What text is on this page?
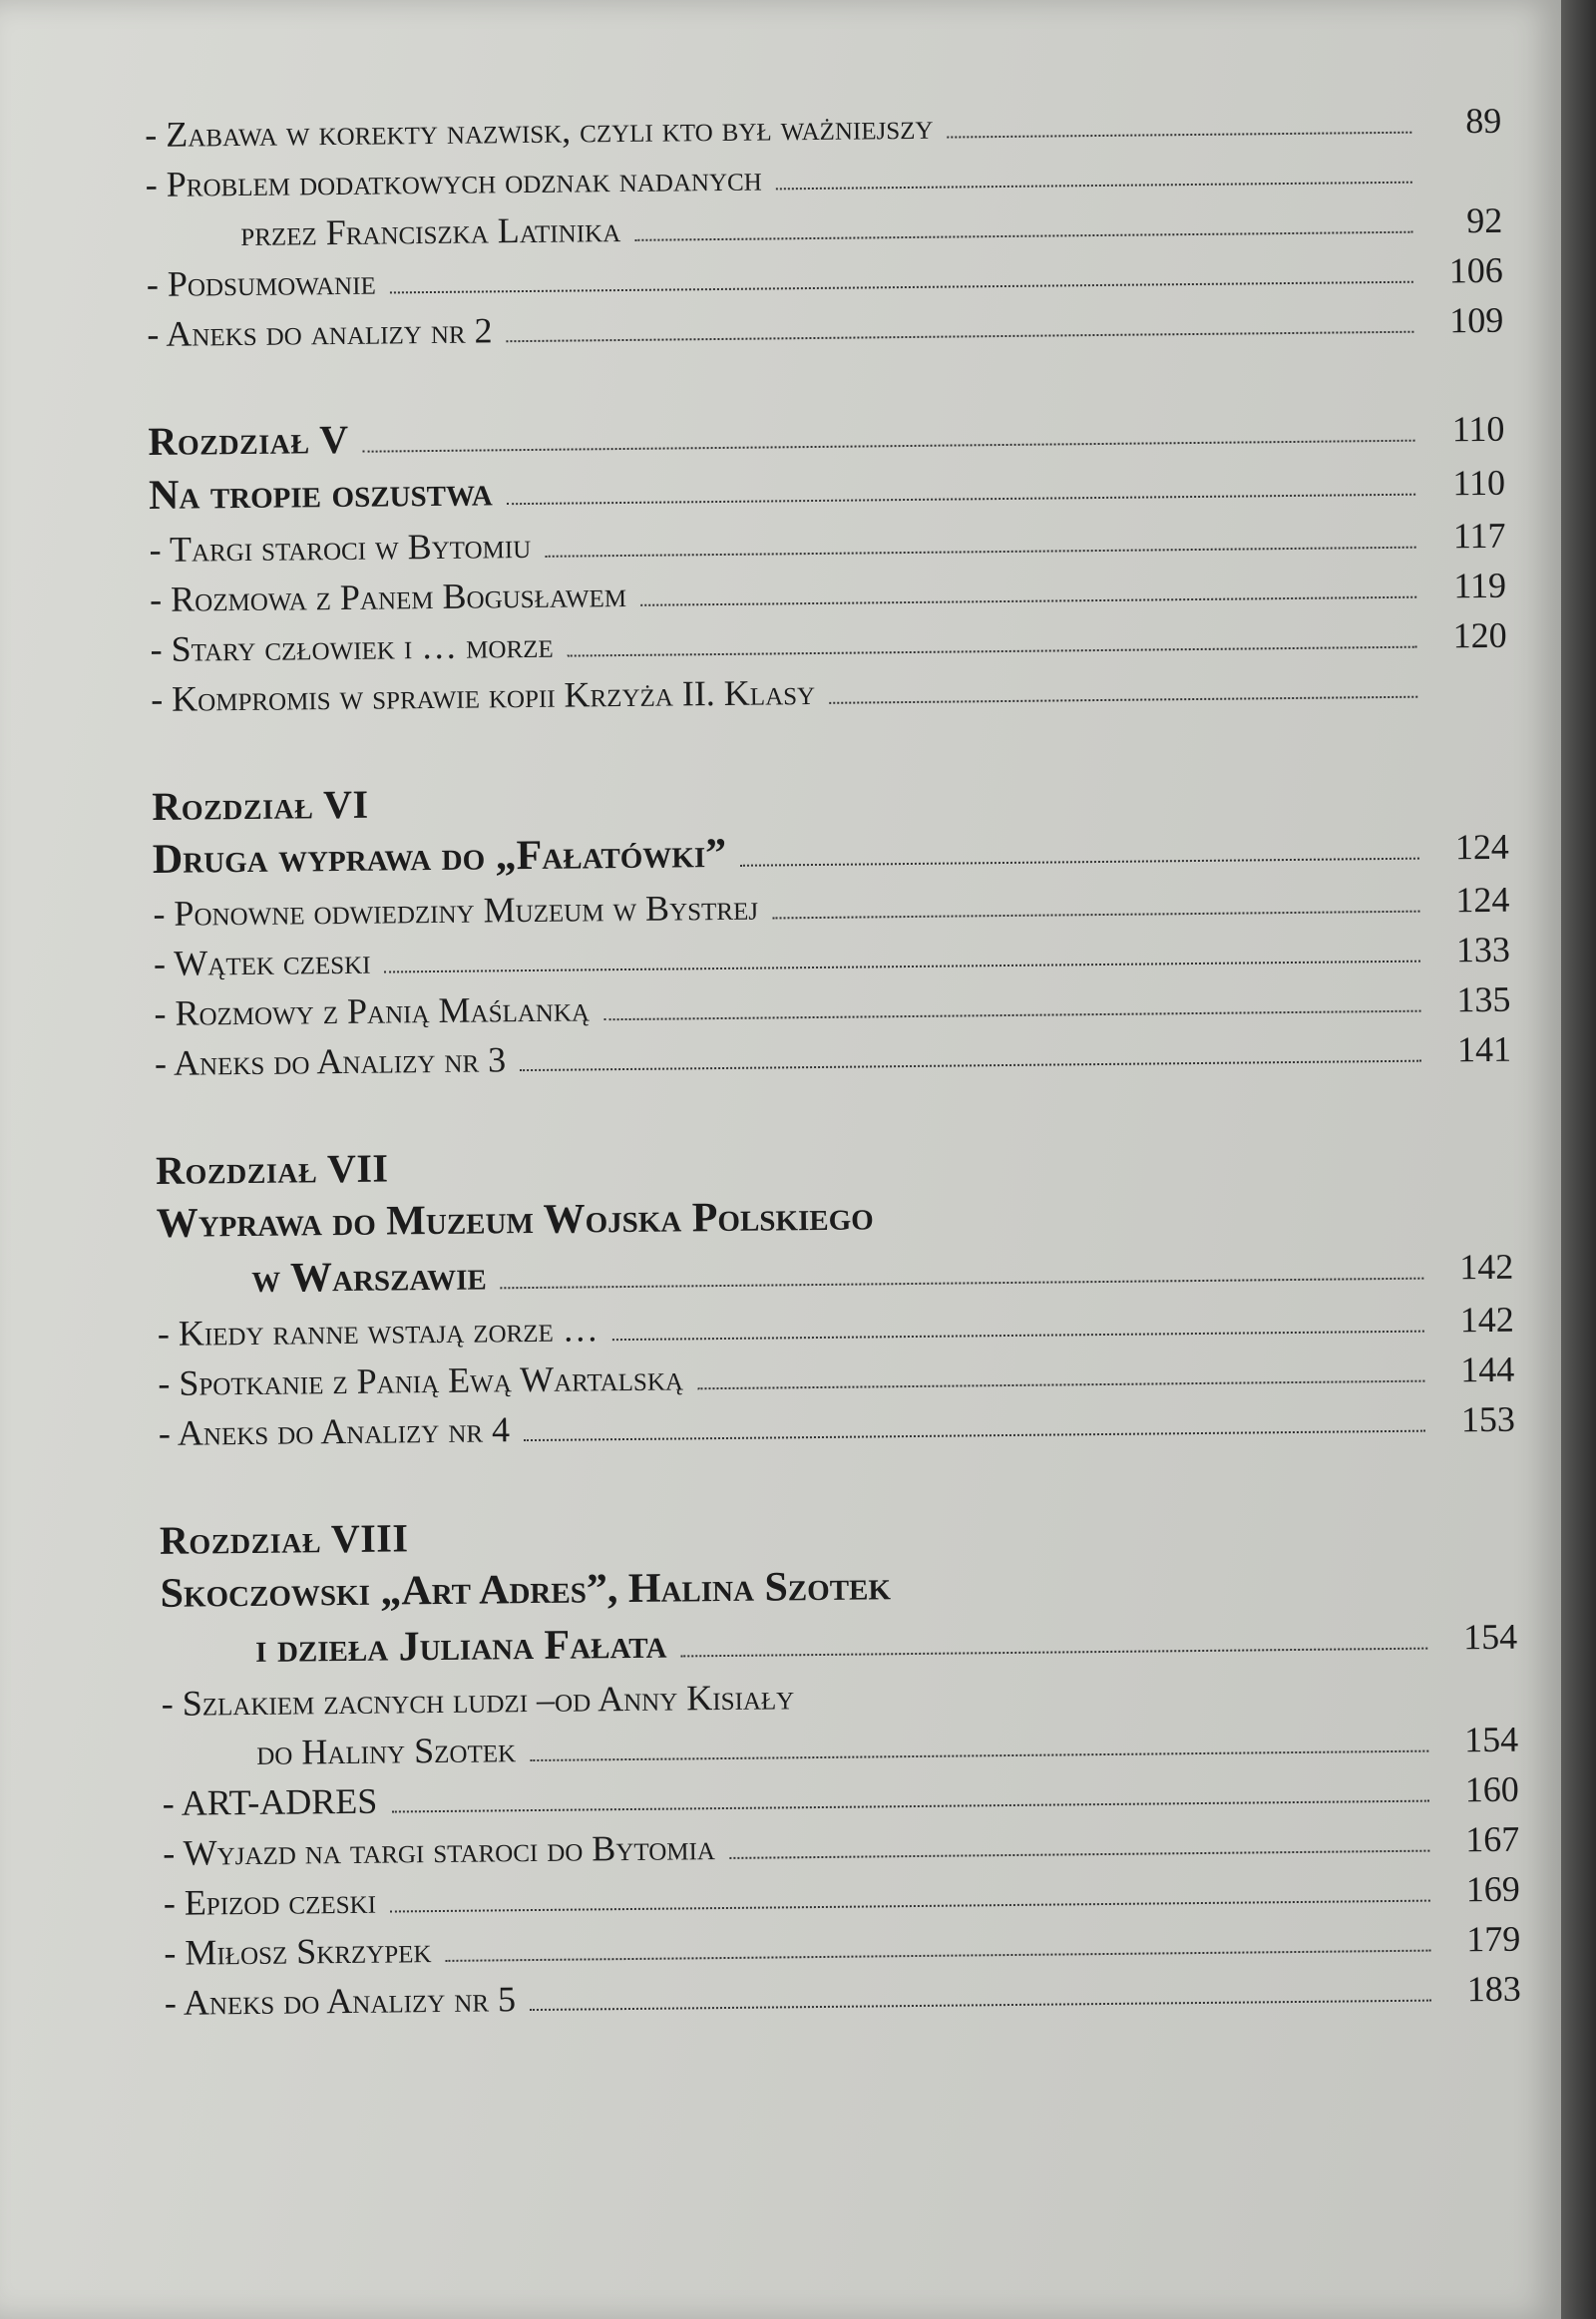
- Zabawa w korekty nazwisk, czyli kto był ważniejszy	89
- Problem dodatkowych odznak nadanych
przez Franciszka Latinika	92
- Podsumowanie	106
- Aneks do analizy nr 2	109
Rozdział V	110
Na tropie oszustwa	110
- Targi staroci w Bytomiu	117
- Rozmowa z Panem Bogusławem	119
- Stary człowiek i … morze	120
- Kompromis w sprawie kopii Krzyża II. Klasy
Rozdział VI
Druga wyprawa do „Fałatówki”	124
- Ponowne odwiedziny Muzeum w Bystrej	124
- Wątek czeski	133
- Rozmowy z Panią Maślanką	135
- Aneks do Analizy nr 3	141
Rozdział VII
Wyprawa do Muzeum Wojska Polskiego
w Warszawie	142
- Kiedy ranne wstają zorze …	142
- Spotkanie z Panią Ewą Wartalską	144
- Aneks do Analizy nr 4	153
Rozdział VIII
Skoczowski „Art Adres”, Halina Szotek
i dzieła Juliana Fałata	154
- Szlakiem zacnych ludzi –od Anny Kisiały
do Haliny Szotek	154
- ART-ADRES	160
- Wyjazd na targi staroci do Bytomia	167
- Epizod czeski	169
- Miłosz Skrzypek	179
- Aneks do Analizy nr 5	183
